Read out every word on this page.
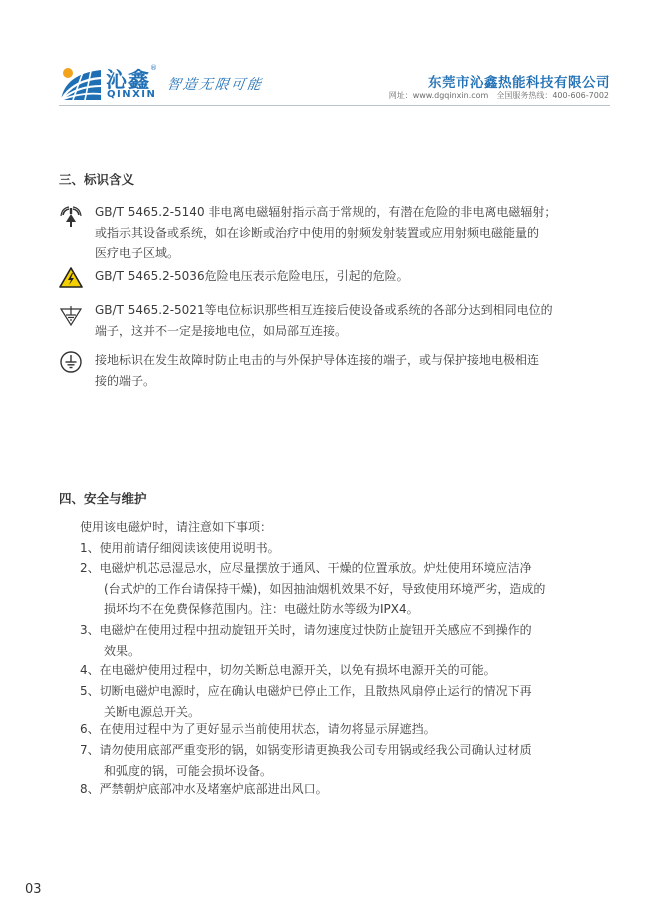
沁鑫 ®
QINXIN
智造无限可能	东莞市沁鑫热能科技有限公司
网址：www.dgqinxin.com 全国服务热线：400-606-7002
三、标识含义
GB/T 5465.2-5140 非电离电磁辐射指示高于常规的，有潜在危险的非电离电磁辐射；
或指示其设备或系统，如在诊断或治疗中使用的射频发射装置或应用射频电磁能量的
医疗电子区域。
GB/T 5465.2-5036危险电压表示危险电压，引起的危险。
GB/T 5465.2-5021等电位标识那些相互连接后使设备或系统的各部分达到相同电位的
端子，这并不一定是接地电位，如局部互连接。
接地标识在发生故障时防止电击的与外保护导体连接的端子，或与保护接地电极相连
接的端子。
四、安全与维护
使用该电磁炉时，请注意如下事项：
1、使用前请仔细阅读该使用说明书。
2、电磁炉机芯忌湿忌水，应尽量摆放于通风、干燥的位置承放。炉灶使用环境应洁净
(台式炉的工作台请保持干燥)，如因抽油烟机效果不好，导致使用环境严劣，造成的
损坏均不在免费保修范围内。注：电磁灶防水等级为IPX4。
3、电磁炉在使用过程中扭动旋钮开关时，请勿速度过快防止旋钮开关感应不到操作的
效果。
4、在电磁炉使用过程中，切勿关断总电源开关，以免有损坏电源开关的可能。
5、切断电磁炉电源时，应在确认电磁炉已停止工作，且散热风扇停止运行的情况下再
关断电源总开关。
6、在使用过程中为了更好显示当前使用状态，请勿将显示屏遮挡。
7、请勿使用底部严重变形的锅，如锅变形请更换我公司专用锅或经我公司确认过材质
和弧度的锅，可能会损坏设备。
8、严禁朝炉底部冲水及堵塞炉底部进出风口。
03
